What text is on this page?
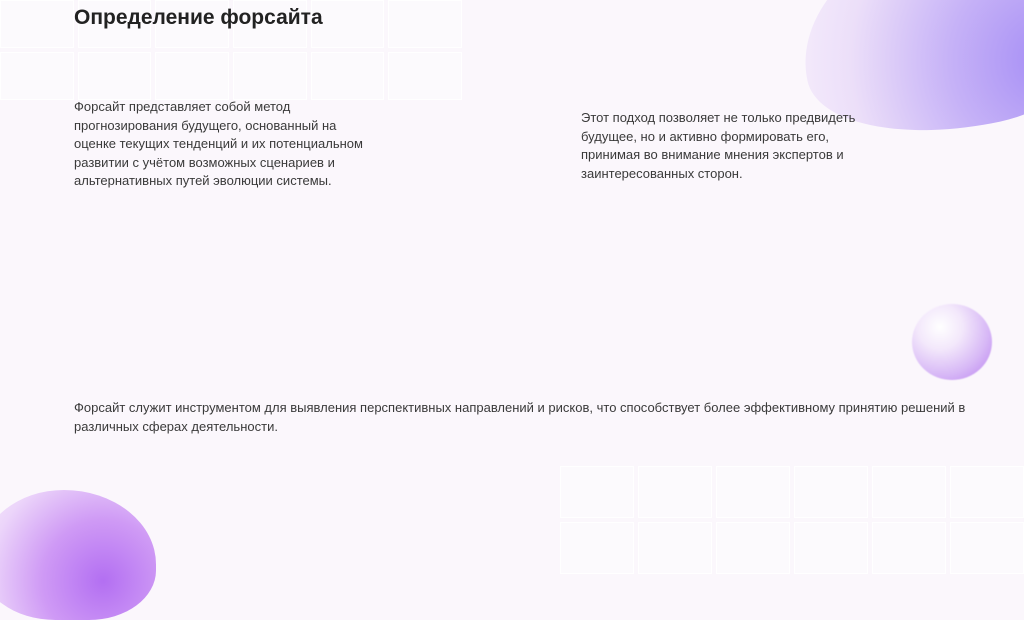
Определение форсайта

Форсайт представляет собой метод прогнозирования будущего, основанный на оценке текущих тенденций и их потенциальном развитии с учётом возможных сценариев и альтернативных путей эволюции системы.

Этот подход позволяет не только предвидеть будущее, но и активно формировать его, принимая во внимание мнения экспертов и заинтересованных сторон.

Форсайт служит инструментом для выявления перспективных направлений и рисков, что способствует более эффективному принятию решений в различных сферах деятельности.
